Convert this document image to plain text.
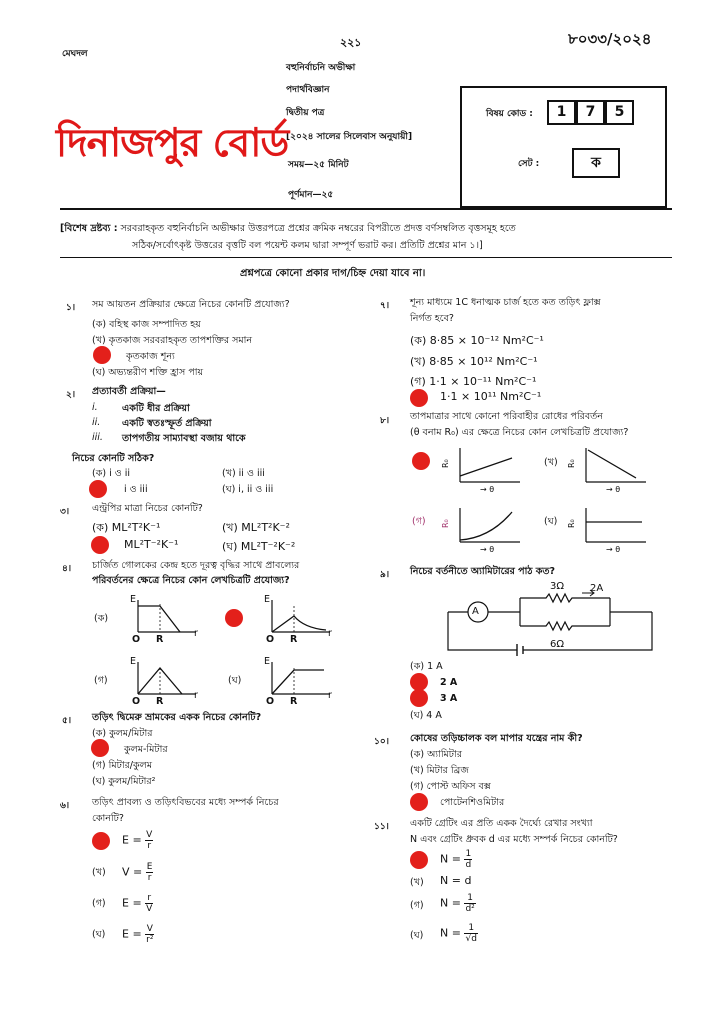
মেঘদল
২২১	৮০৩৩/২০২৪
বহুনির্বাচনি অভীক্ষা
পদার্থবিজ্ঞান
দ্বিতীয় পত্র
[২০২৪ সালের সিলেবাস অনুযায়ী]
সময়—২৫ মিনিট
পূর্ণমান—২৫
দিনাজপুর বোর্ড
বিষয় কোড :	1	7	5
সেট :	ক
[বিশেষ দ্রষ্টব্য : সরবরাহকৃত বহুনির্বাচনি অভীক্ষার উত্তরপত্রে প্রশ্নের ক্রমিক নম্বরের বিপরীতে প্রদত্ত বর্ণসম্বলিত বৃত্তসমূহ হতে
সঠিক/সর্বোৎকৃষ্ট উত্তরের বৃত্তটি বল পয়েন্ট কলম দ্বারা সম্পূর্ণ ভরাট কর। প্রতিটি প্রশ্নের মান ১।]
প্রশ্নপত্রে কোনো প্রকার দাগ/চিহ্ন দেয়া যাবে না।
১। সম আয়তন প্রক্রিয়ার ক্ষেত্রে নিচের কোনটি প্রযোজ্য?
(ক) বহিস্থ কাজ সম্পাদিত হয়
(খ) কৃতকাজ সরবরাহকৃত তাপশক্তির সমান
কৃতকাজ শূন্য
(ঘ) অভ্যন্তরীণ শক্তি হ্রাস পায়
২। প্রত্যাবর্তী প্রক্রিয়া—
i.	একটি ধীর প্রক্রিয়া
ii. একটি স্বতঃস্ফূর্ত প্রক্রিয়া
iii. তাপগতীয় সাম্যাবস্থা বজায় থাকে
নিচের কোনটি সঠিক?
(ক) i ও ii	(খ) ii ও iii
i ও iii	(ঘ) i, ii ও iii
৩। এন্ট্রপির মাত্রা নিচের কোনটি?
(ক) ML²T²K⁻¹	(খ) ML²T²K⁻²
ML²T⁻²K⁻¹	(ঘ) ML²T⁻²K⁻²
৪। চার্জিত গোলকের কেন্দ্র হতে দূরত্ব বৃদ্ধির সাথে প্রাবল্যের
পরিবর্তনের ক্ষেত্রে নিচের কোন লেখচিত্রটি প্রযোজ্য?
(ক)
(গ)	(ঘ)
E
r
O R
E
r
O R
E
r
O R
E
r
O R
৫। তড়িৎ দ্বিমেরু ভ্রামকের একক নিচের কোনটি?
(ক) কুলম/মিটার
কুলম-মিটার
(গ) মিটার/কুলম
(ঘ) কুলম/মিটার²
৬। তড়িৎ প্রাবল্য ও তড়িৎবিভবের মধ্যে সম্পর্ক নিচের
কোনটি?
$E = \frac{V}{r}$
(খ) $V = \frac{E}{r}$
(গ) $E = \frac{r}{V}$
(ঘ) $E = \frac{V}{\text{r²}}$
৭। শূন্য মাধ্যমে 1C ধনাত্মক চার্জ হতে কত তড়িৎ ফ্লাক্স
নির্গত হবে?
(ক) 8·85 × 10⁻¹² Nm²C⁻¹
(খ) 8·85 × 10¹² Nm²C⁻¹
(গ) 1·1 × 10⁻¹¹ Nm²C⁻¹
1·1 × 10¹¹ Nm²C⁻¹
৮। তাপমাত্রার সাথে কোনো পরিবাহীর রোধের পরিবর্তন
(θ বনাম R₀) এর ক্ষেত্রে নিচের কোন লেখচিত্রটি প্রযোজ্য?
(খ)
(গ)	(ঘ)
R₀
→ θ
R₀
→ θ
R₀
→ θ
R₀
→ θ
৯। নিচের বর্তনীতে অ্যামিটারের পাঠ কত?
A
3Ω	2A
6Ω
(ক) 1 A
2 A
3 A
(ঘ) 4 A
১০। কোষের তড়িচ্চালক বল মাপার যন্ত্রের নাম কী?
(ক) অ্যামিটার
(খ) মিটার ব্রিজ
(গ) পোস্ট অফিস বক্স
পোটেনশিওমিটার
১১। একটি গ্রেটিং এর প্রতি একক দৈর্ঘ্যে রেখার সংখ্যা
N এবং গ্রেটিং ধ্রুবক d এর মধ্যে সম্পর্ক নিচের কোনটি?
$N = \frac{1}{d}$
(খ) N = d
(গ) $N = \frac{1}{\text{d²}}$
(ঘ) $N = \frac{1}{√d}$
